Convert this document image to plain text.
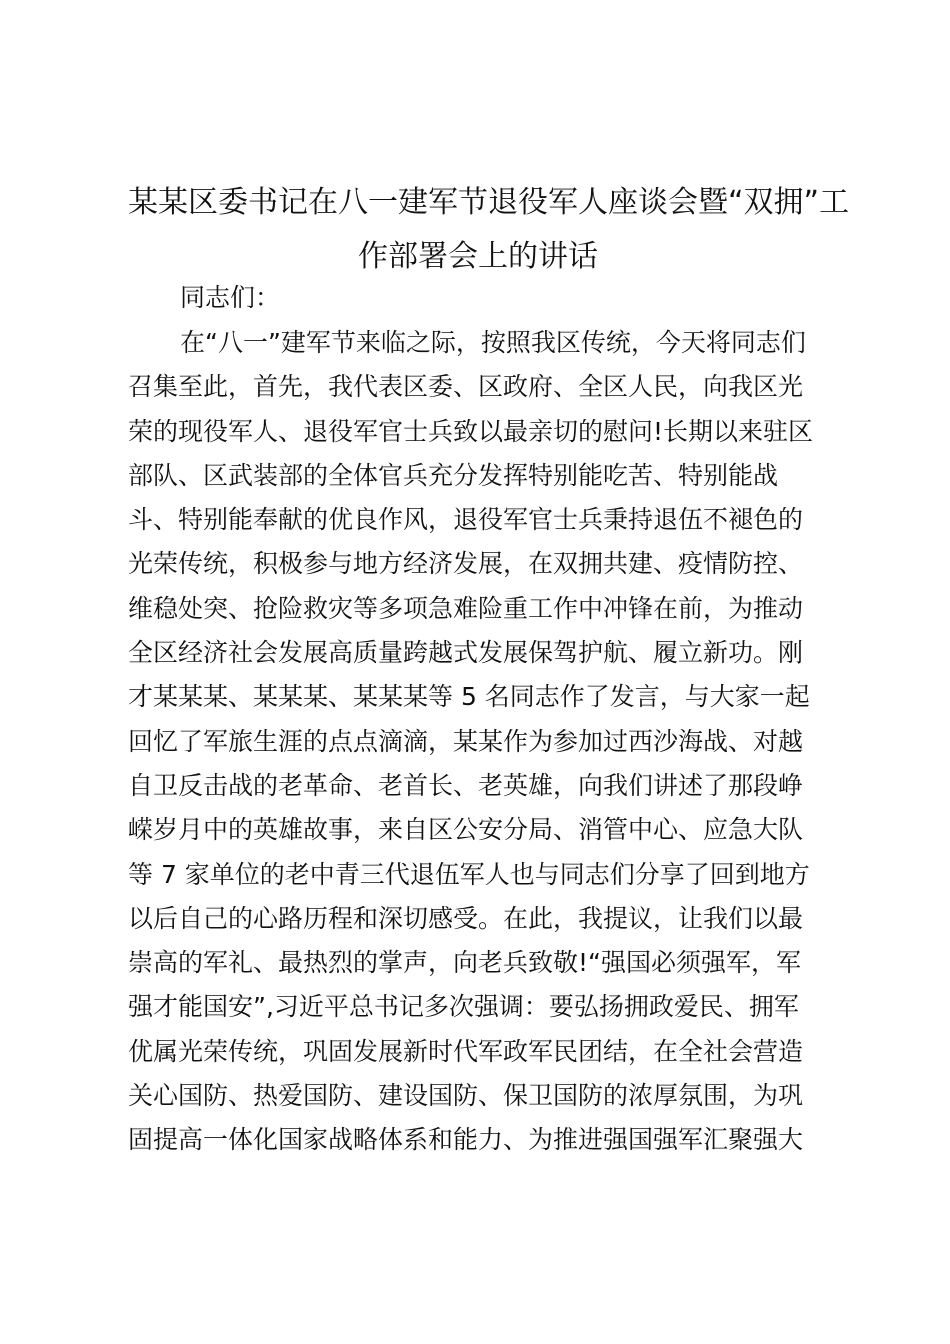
某某区委书记在八一建军节退役军人座谈会暨“双拥”工
作部署会上的讲话

同志们：

在“八一”建军节来临之际，按照我区传统，今天将同志们
召集至此，首先，我代表区委、区政府、全区人民，向我区光
荣的现役军人、退役军官士兵致以最亲切的慰问!长期以来驻区
部队、区武装部的全体官兵充分发挥特别能吃苦、特别能战
斗、特别能奉献的优良作风，退役军官士兵秉持退伍不褪色的
光荣传统，积极参与地方经济发展，在双拥共建、疫情防控、
维稳处突、抢险救灾等多项急难险重工作中冲锋在前，为推动
全区经济社会发展高质量跨越式发展保驾护航、履立新功。刚
才某某某、某某某、某某某等 5 名同志作了发言，与大家一起
回忆了军旅生涯的点点滴滴，某某作为参加过西沙海战、对越
自卫反击战的老革命、老首长、老英雄，向我们讲述了那段峥
嵘岁月中的英雄故事，来自区公安分局、消管中心、应急大队
等 7 家单位的老中青三代退伍军人也与同志们分享了回到地方
以后自己的心路历程和深切感受。在此，我提议，让我们以最
崇高的军礼、最热烈的掌声，向老兵致敬!“强国必须强军，军
强才能国安”,习近平总书记多次强调：要弘扬拥政爱民、拥军
优属光荣传统，巩固发展新时代军政军民团结，在全社会营造
关心国防、热爱国防、建设国防、保卫国防的浓厚氛围，为巩
固提高一体化国家战略体系和能力、为推进强国强军汇聚强大
